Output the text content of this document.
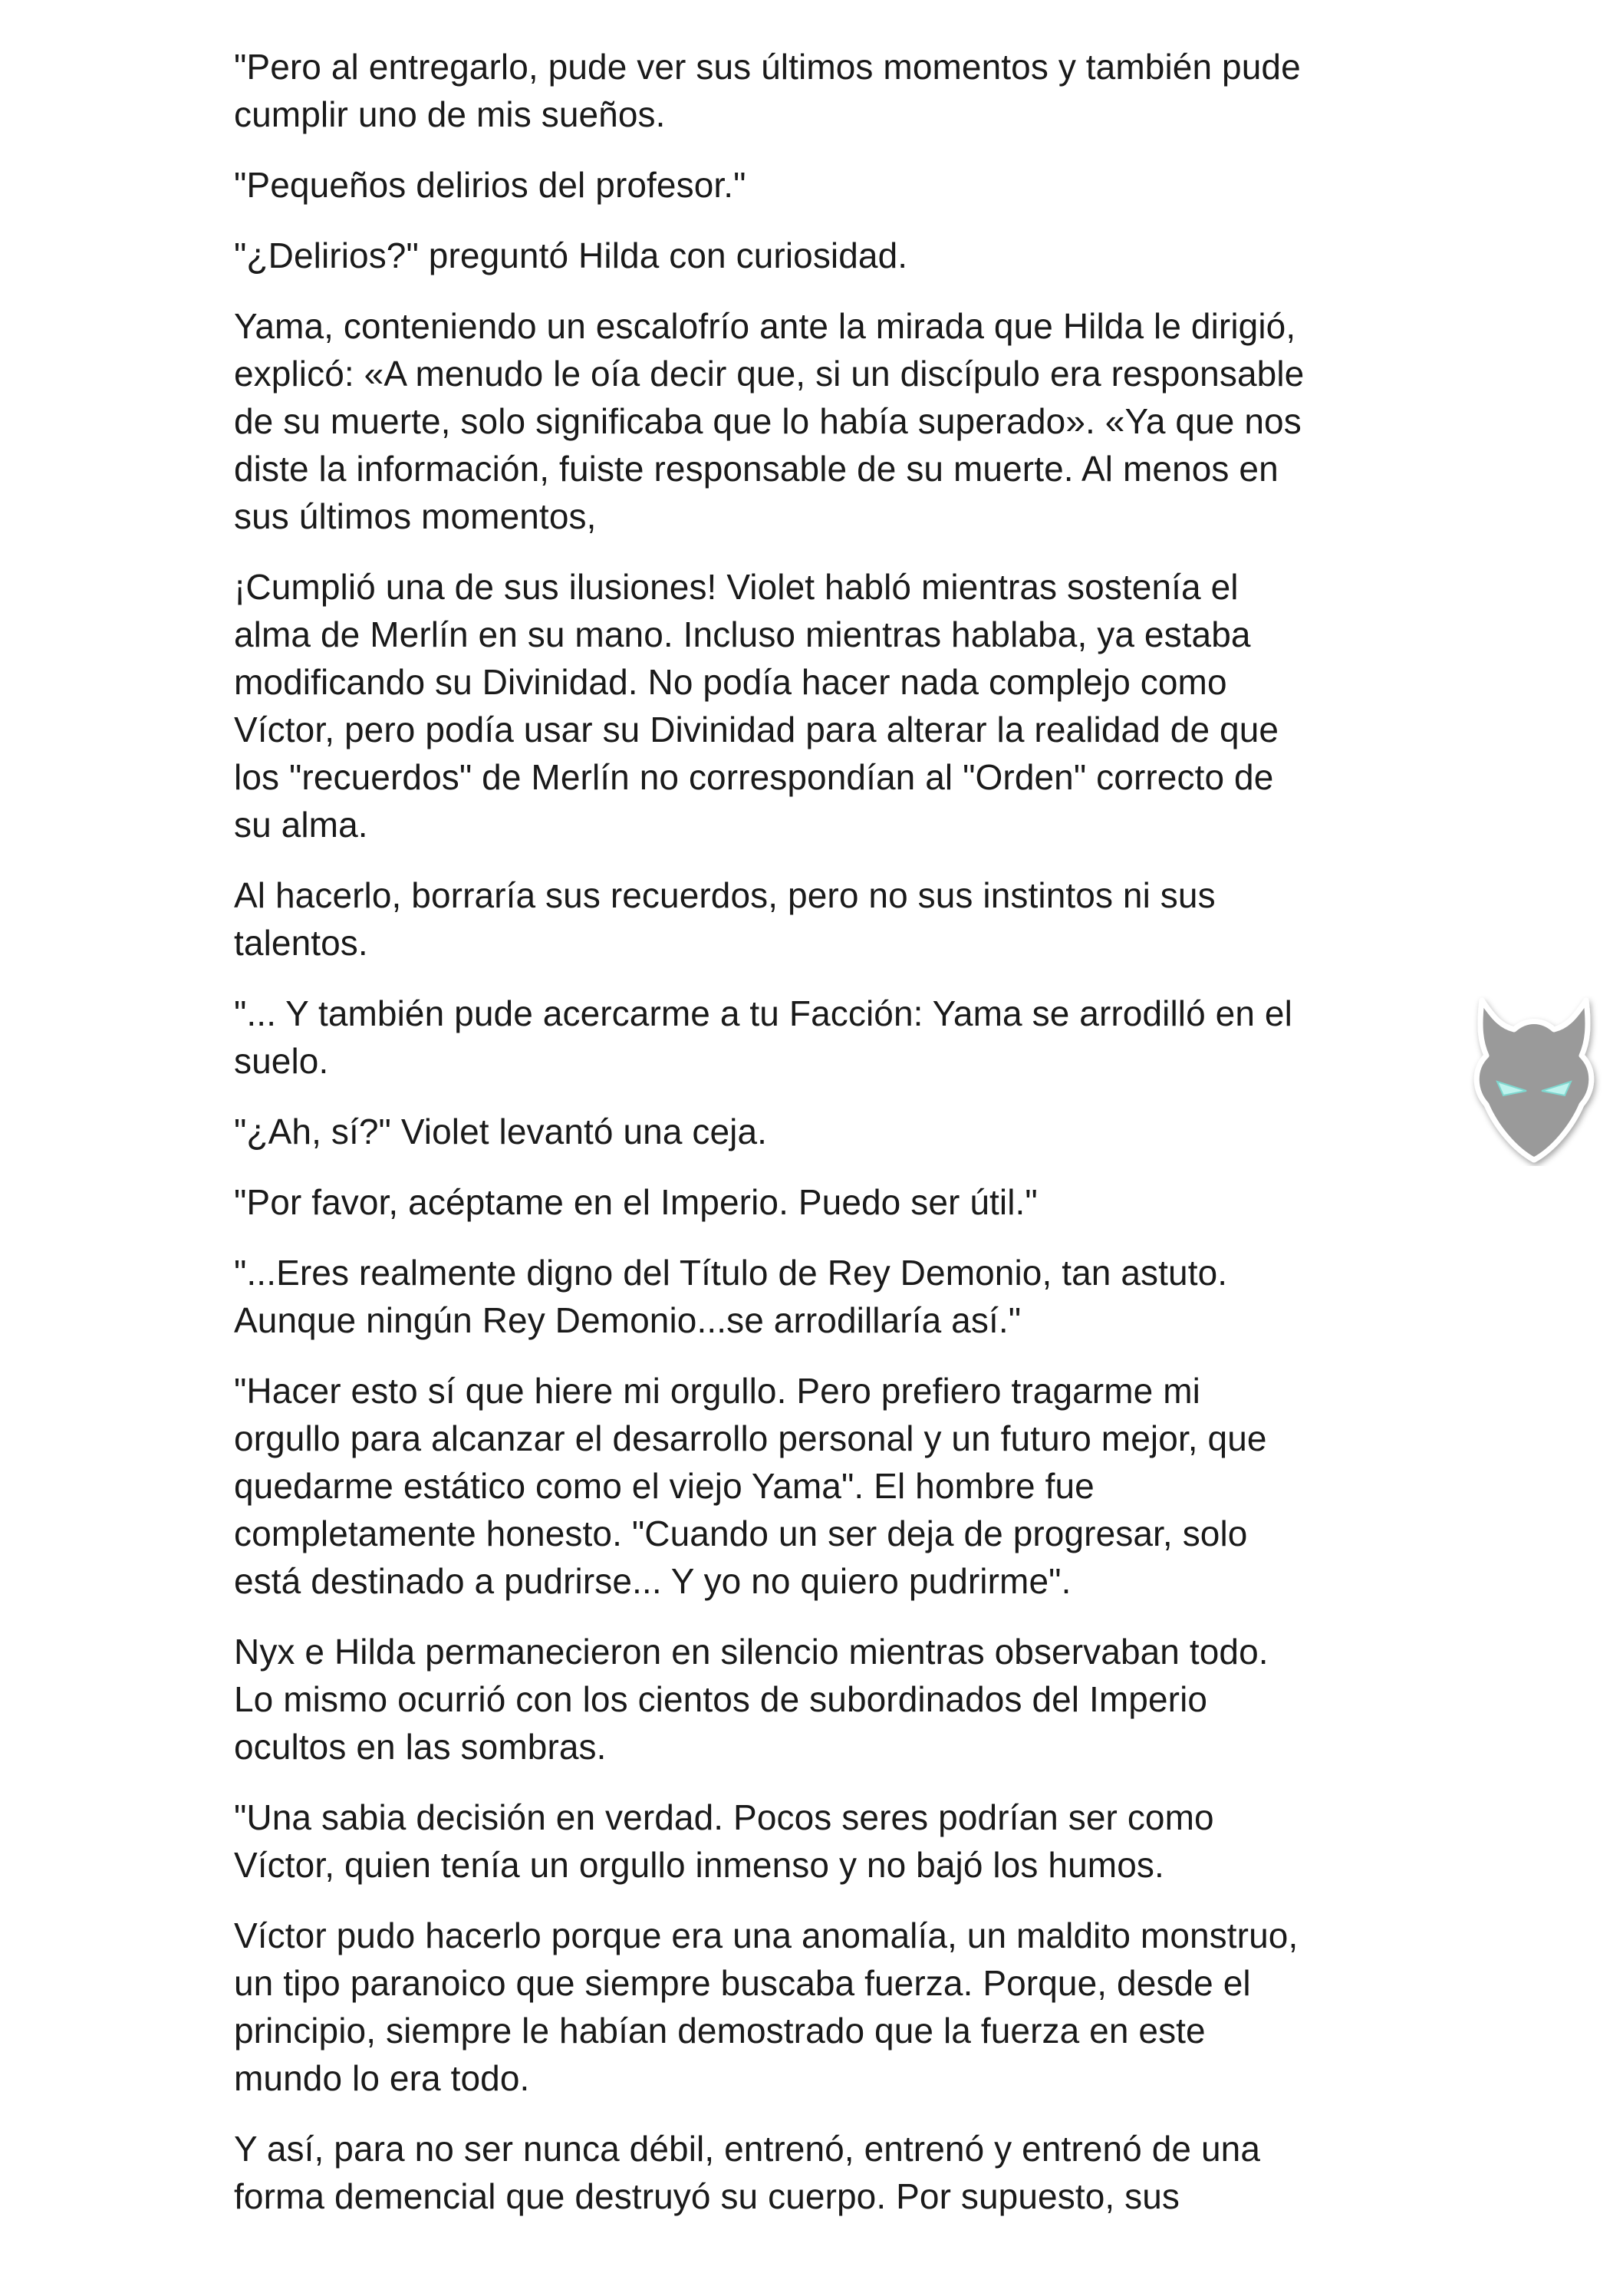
"Pero al entregarlo, pude ver sus últimos momentos y también pude
cumplir uno de mis sueños.

"Pequeños delirios del profesor."

"¿Delirios?" preguntó Hilda con curiosidad.

Yama, conteniendo un escalofrío ante la mirada que Hilda le dirigió,
explicó: «A menudo le oía decir que, si un discípulo era responsable
de su muerte, solo significaba que lo había superado». «Ya que nos
diste la información, fuiste responsable de su muerte. Al menos en
sus últimos momentos,

¡Cumplió una de sus ilusiones! Violet habló mientras sostenía el
alma de Merlín en su mano. Incluso mientras hablaba, ya estaba
modificando su Divinidad. No podía hacer nada complejo como
Víctor, pero podía usar su Divinidad para alterar la realidad de que
los "recuerdos" de Merlín no correspondían al "Orden" correcto de
su alma.

Al hacerlo, borraría sus recuerdos, pero no sus instintos ni sus
talentos.

"... Y también pude acercarme a tu Facción: Yama se arrodilló en el
suelo.

"¿Ah, sí?" Violet levantó una ceja.

"Por favor, acéptame en el Imperio. Puedo ser útil."

"...Eres realmente digno del Título de Rey Demonio, tan astuto.
Aunque ningún Rey Demonio...se arrodillaría así."

"Hacer esto sí que hiere mi orgullo. Pero prefiero tragarme mi
orgullo para alcanzar el desarrollo personal y un futuro mejor, que
quedarme estático como el viejo Yama". El hombre fue
completamente honesto. "Cuando un ser deja de progresar, solo
está destinado a pudrirse... Y yo no quiero pudrirme".

Nyx e Hilda permanecieron en silencio mientras observaban todo.
Lo mismo ocurrió con los cientos de subordinados del Imperio
ocultos en las sombras.

"Una sabia decisión en verdad. Pocos seres podrían ser como
Víctor, quien tenía un orgullo inmenso y no bajó los humos.

Víctor pudo hacerlo porque era una anomalía, un maldito monstruo,
un tipo paranoico que siempre buscaba fuerza. Porque, desde el
principio, siempre le habían demostrado que la fuerza en este
mundo lo era todo.

Y así, para no ser nunca débil, entrenó, entrenó y entrenó de una
forma demencial que destruyó su cuerpo. Por supuesto, sus
